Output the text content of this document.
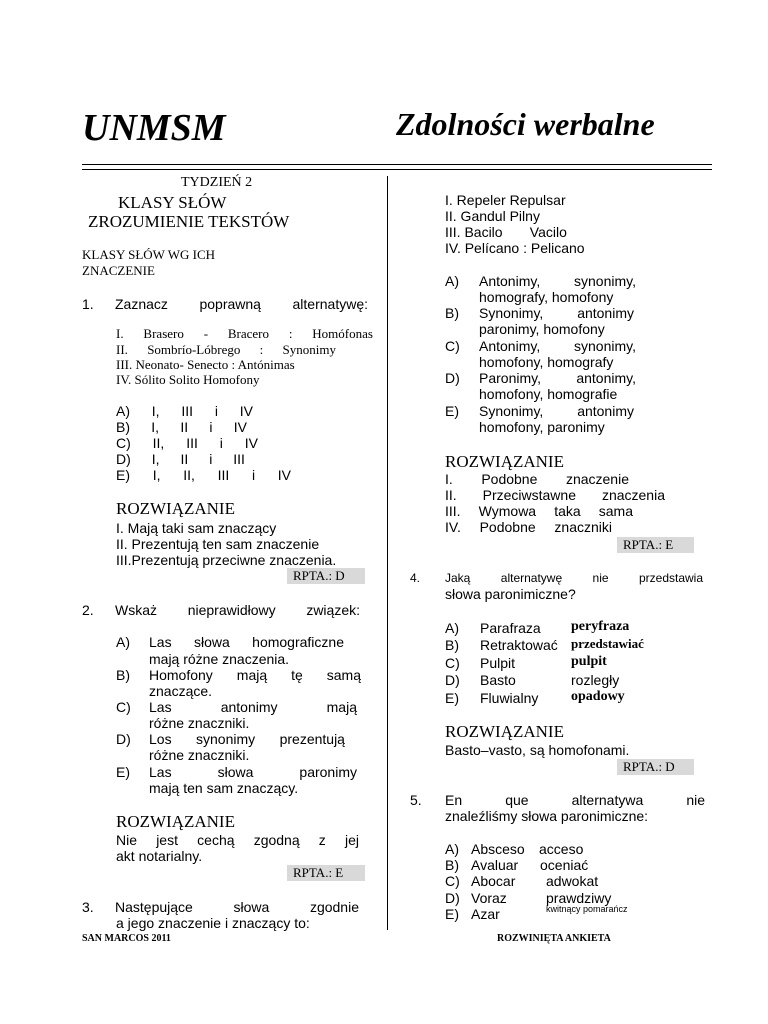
UNMSM	Zdolności werbalne
TYDZIEŃ 2
KLASY SŁÓW
ZROZUMIENIE TEKSTÓW
KLASY SŁÓW WG ICH
ZNACZENIE
1. Zaznacz poprawną alternatywę:
I. Brasero - Bracero : Homófonas
II. Sombrío-Lóbrego : Synonimy
III. Neonato- Senecto : Antónimas
IV. Sólito Solito Homofony
A) I, III i IV
B) I, II i IV
C) II, III i IV
D) I, II i III
E) I, II, III i IV
ROZWIĄZANIE
I. Mają taki sam znaczący
II. Prezentują ten sam znaczenie
III.Prezentują przeciwne znaczenia.
RPTA.: D
2. Wskaż nieprawidłowy związek:
A) Las słowa homograficzne
mają różne znaczenia.
B) Homofony mają tę samą
znaczące.
C) Las	antonimy	mają
różne znaczniki.
D) Los synonimy prezentują
różne znaczniki.
E) Las	słowa	paronimy
mają ten sam znaczący.
ROZWIĄZANIE
Nie jest cechą zgodną z jej
akt notarialny.
RPTA.: E
3. Następujące	słowa	zgodnie
a jego znaczenie i znaczący to:
I. Repeler Repulsar
II. Gandul Pilny
III. Bacilo       Vacilo
IV. Pelícano : Pelicano
A) Antonimy, synonimy,
homografy, homofony
B) Synonimy, antonimy
paronimy, homofony
C) Antonimy, synonimy,
homofony, homografy
D) Paronimy,	antonimy,
homofony, homografie
E) Synonimy, antonimy
homofony, paronimy
ROZWIĄZANIE
I. Podobne znaczenie
II. Przeciwstawne znaczenia
III. Wymowa taka sama
IV. Podobne znaczniki
RPTA.: E
4. Jaką	alternatywę	nie	przedstawia
słowa paronimiczne?
A) Parafraza peryfraza
B) Retraktować przedstawiać
C) Pulpit	pulpit
D) Basto	rozległy
E) Fluwialny opadowy
ROZWIĄZANIE
Basto–vasto, są homofonami.
RPTA.: D
5. En	que	alternatywa	nie
znaleźliśmy słowa paronimiczne:
A) Absceso acceso
B) Avaluar oceniać
C) Abocar adwokat
D) Voraz	prawdziwy
E) Azar	kwitnący pomarańcz
SAN MARCOS 2011	ROZWINIĘTA ANKIETA
